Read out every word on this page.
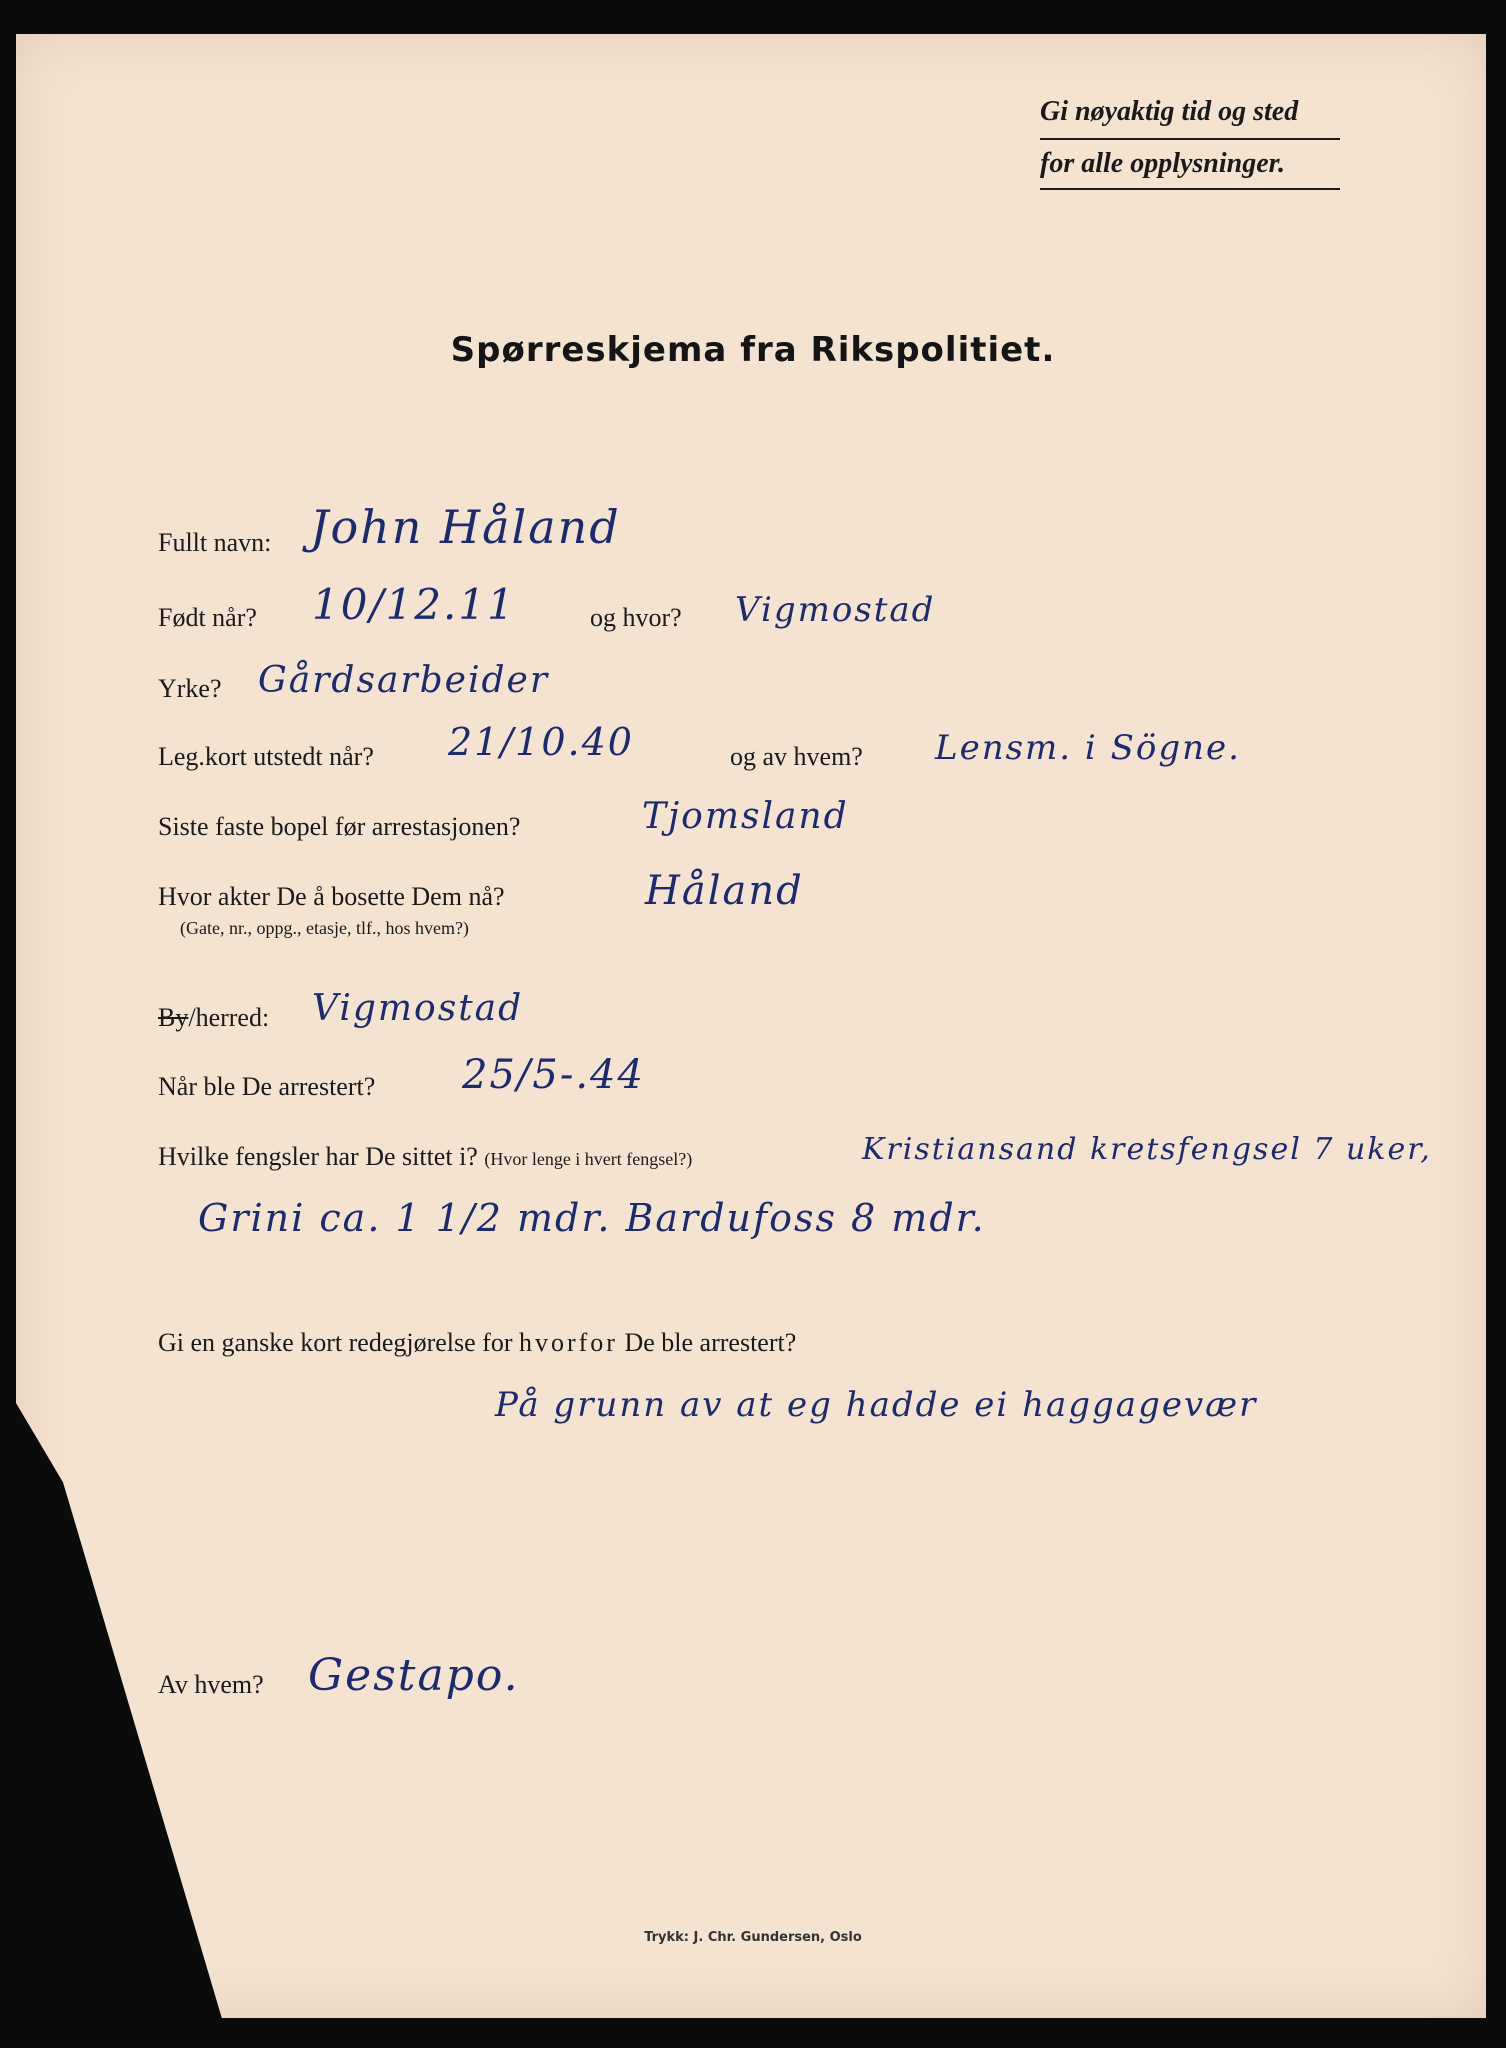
Gi nøyaktig tid og sted
for alle opplysninger.
Spørreskjema fra Rikspolitiet.
Fullt navn: John Håland
Født når? 10/12.11	og hvor? Vigmostad
Yrke? Gårdsarbeider
Leg.kort utstedt når? 21/10.40	og av hvem? Lensm. i Sögne.
Siste faste bopel før arrestasjonen?	Tjomsland
Hvor akter De å bosette Dem nå?
(Gate, nr., oppg., etasje, tlf., hos hvem?)
Håland
By/herred: Vigmostad
Når ble De arrestert? 25/5-.44
Hvilke fengsler har De sittet i? (Hvor lenge i hvert fengsel?)	Kristiansand kretsfengsel 7 uker,
Grini ca. 1 1/2 mdr. Bardufoss 8 mdr.
Gi en ganske kort redegjørelse for hvorfor De ble arrestert?
På grunn av at eg hadde ei haggagevær
Av hvem? Gestapo.
Trykk: J. Chr. Gundersen, Oslo
